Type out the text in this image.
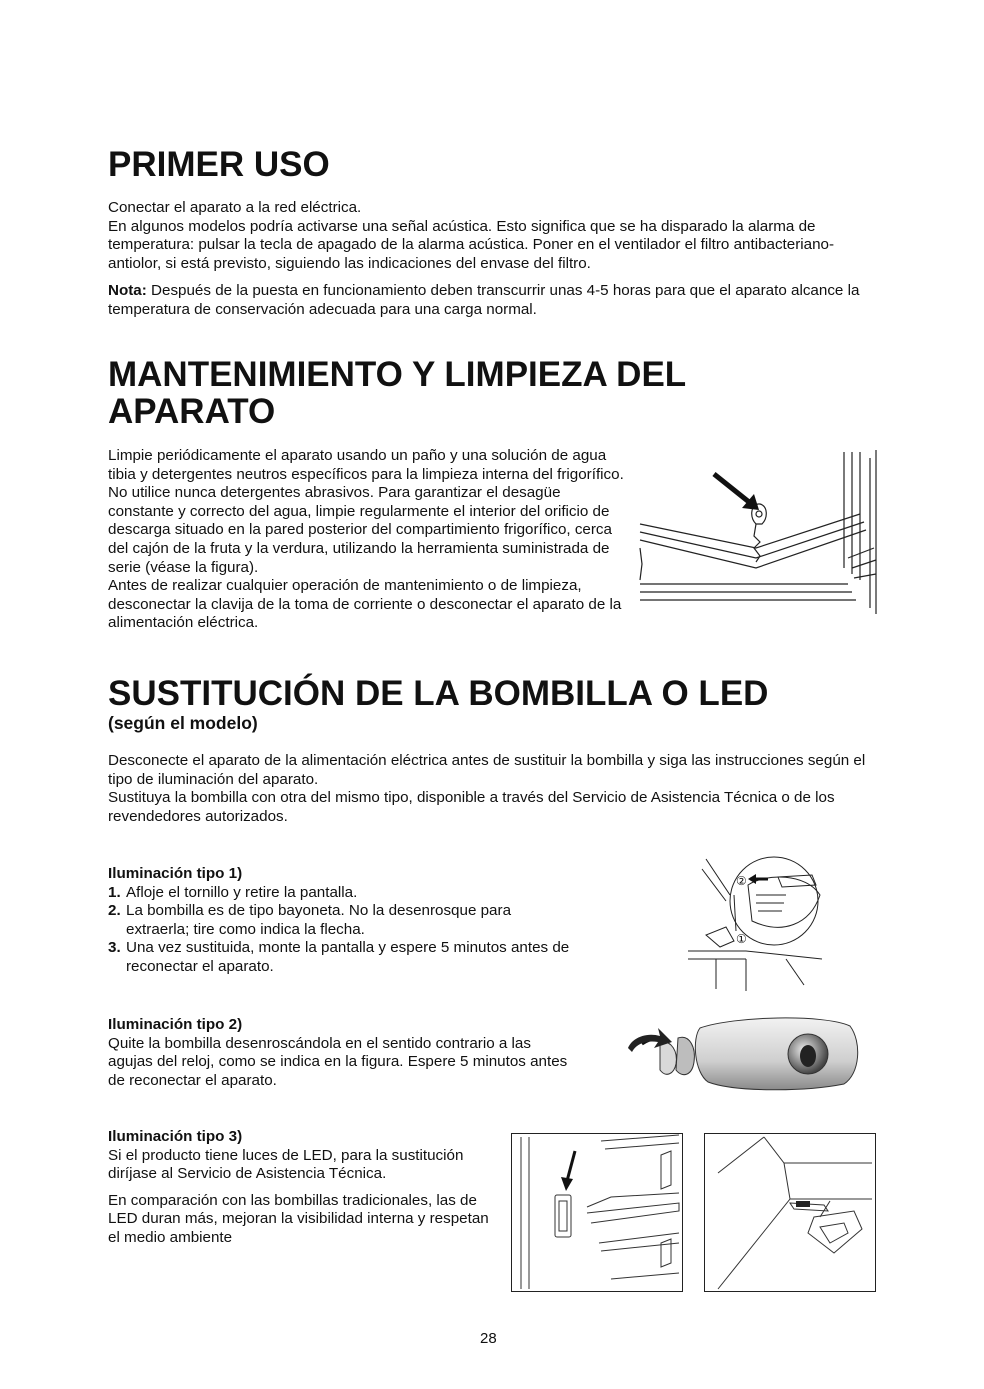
PRIMER USO

Conectar el aparato a la red eléctrica.

En algunos modelos podría activarse una señal acústica. Esto significa que se ha disparado la alarma de temperatura: pulsar la tecla de apagado de la alarma acústica. Poner en el ventilador el filtro antibacteriano-antiolor, si está previsto, siguiendo las indicaciones del envase del filtro.

Nota: Después de la puesta en funcionamiento deben transcurrir unas 4-5 horas para que el aparato alcance la temperatura de conservación adecuada para una carga normal.

MANTENIMIENTO Y LIMPIEZA DEL
APARATO

Limpie periódicamente el aparato usando un paño y una solución de agua tibia y detergentes neutros específicos para la limpieza interna del frigorífico. No utilice nunca detergentes abrasivos. Para garantizar el desagüe constante y correcto del agua, limpie regularmente el interior del orificio de descarga situado en la pared posterior del compartimiento frigorífico, cerca del cajón de la fruta y la verdura, utilizando la herramienta suministrada de serie (véase la figura).

Antes de realizar cualquier operación de mantenimiento o de limpieza, desconectar la clavija de la toma de corriente o desconectar el aparato de la alimentación eléctrica.

SUSTITUCIÓN DE LA BOMBILLA O LED
(según el modelo)

Desconecte el aparato de la alimentación eléctrica antes de sustituir la bombilla y siga las instrucciones según el tipo de iluminación del aparato.

Sustituya la bombilla con otra del mismo tipo, disponible a través del Servicio de Asistencia Técnica o de los revendedores autorizados.

Iluminación tipo 1)

1. Afloje el tornillo y retire la pantalla.
2. La bombilla es de tipo bayoneta. No la desenrosque para extraerla; tire como indica la flecha.
3. Una vez sustituida, monte la pantalla y espere 5 minutos antes de reconectar el aparato.
②
①

Iluminación tipo 2)

Quite la bombilla desenroscándola en el sentido contrario a las agujas del reloj, como se indica en la figura. Espere 5 minutos antes de reconectar el aparato.

Iluminación tipo 3)

Si el producto tiene luces de LED, para la sustitución diríjase al Servicio de Asistencia Técnica.

En comparación con las bombillas tradicionales, las de LED duran más, mejoran la visibilidad interna y respetan el medio ambiente

28
